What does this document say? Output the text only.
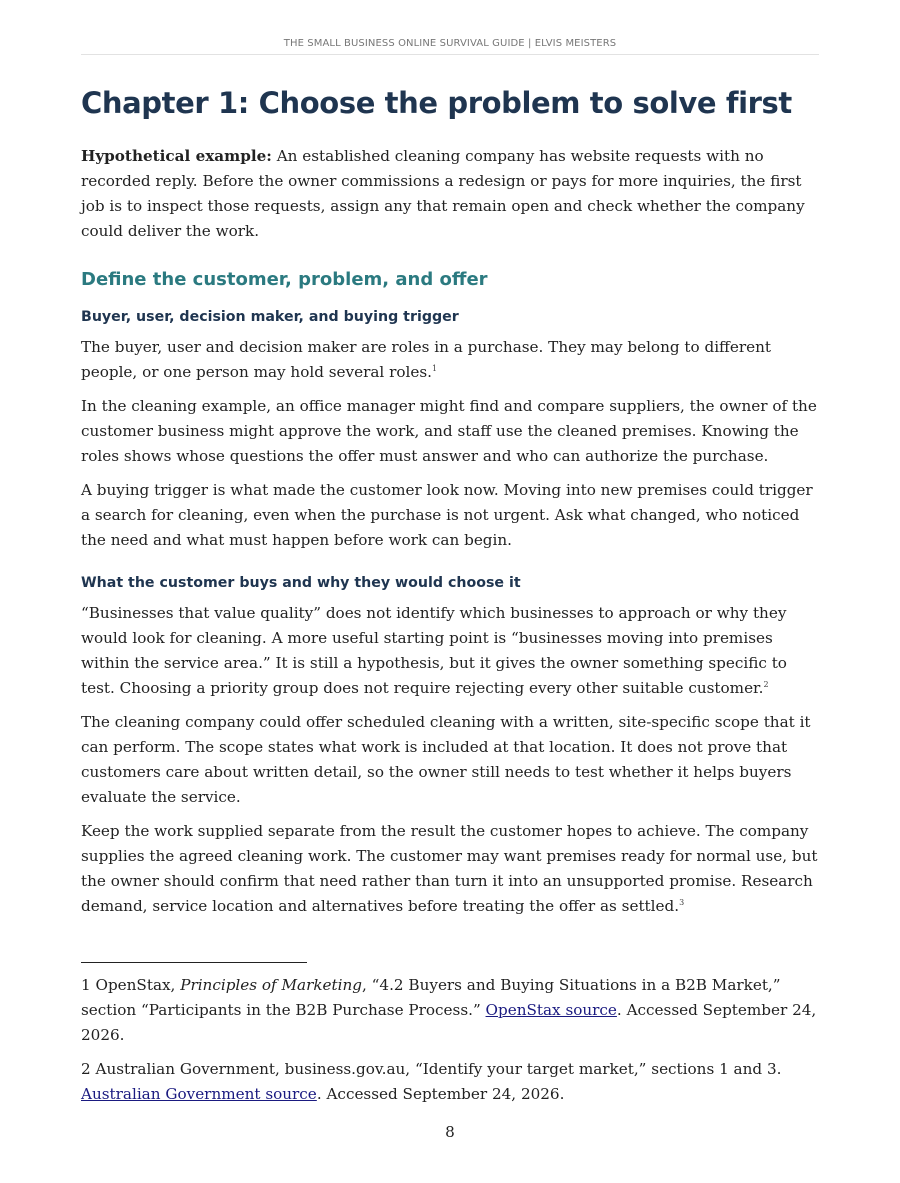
THE SMALL BUSINESS ONLINE SURVIVAL GUIDE | ELVIS MEISTERS
Chapter 1: Choose the problem to solve first

Hypothetical example: An established cleaning company has website requests with no recorded reply. Before the owner commissions a redesign or pays for more inquiries, the first job is to inspect those requests, assign any that remain open and check whether the company could deliver the work.

Define the customer, problem, and offer
Buyer, user, decision maker, and buying trigger

The buyer, user and decision maker are roles in a purchase. They may belong to different people, or one person may hold several roles.$^1$

In the cleaning example, an office manager might find and compare suppliers, the owner of the customer business might approve the work, and staff use the cleaned premises. Knowing the roles shows whose questions the offer must answer and who can authorize the purchase.

A buying trigger is what made the customer look now. Moving into new premises could trigger a search for cleaning, even when the purchase is not urgent. Ask what changed, who noticed the need and what must happen before work can begin.

What the customer buys and why they would choose it

“Businesses that value quality” does not identify which businesses to approach or why they would look for cleaning. A more useful starting point is “businesses moving into premises within the service area.” It is still a hypothesis, but it gives the owner something specific to test. Choosing a priority group does not require rejecting every other suitable customer.$^2$

The cleaning company could offer scheduled cleaning with a written, site-specific scope that it can perform. The scope states what work is included at that location. It does not prove that customers care about written detail, so the owner still needs to test whether it helps buyers evaluate the service.

Keep the work supplied separate from the result the customer hopes to achieve. The company supplies the agreed cleaning work. The customer may want premises ready for normal use, but the owner should confirm that need rather than turn it into an unsupported promise. Research demand, service location and alternatives before treating the offer as settled.$^3$

1 OpenStax, Principles of Marketing, “4.2 Buyers and Buying Situations in a B2B Market,” section “Participants in the B2B Purchase Process.” OpenStax source. Accessed September 24, 2026.

2 Australian Government, business.gov.au, “Identify your target market,” sections 1 and 3. Australian Government source. Accessed September 24, 2026.

8
